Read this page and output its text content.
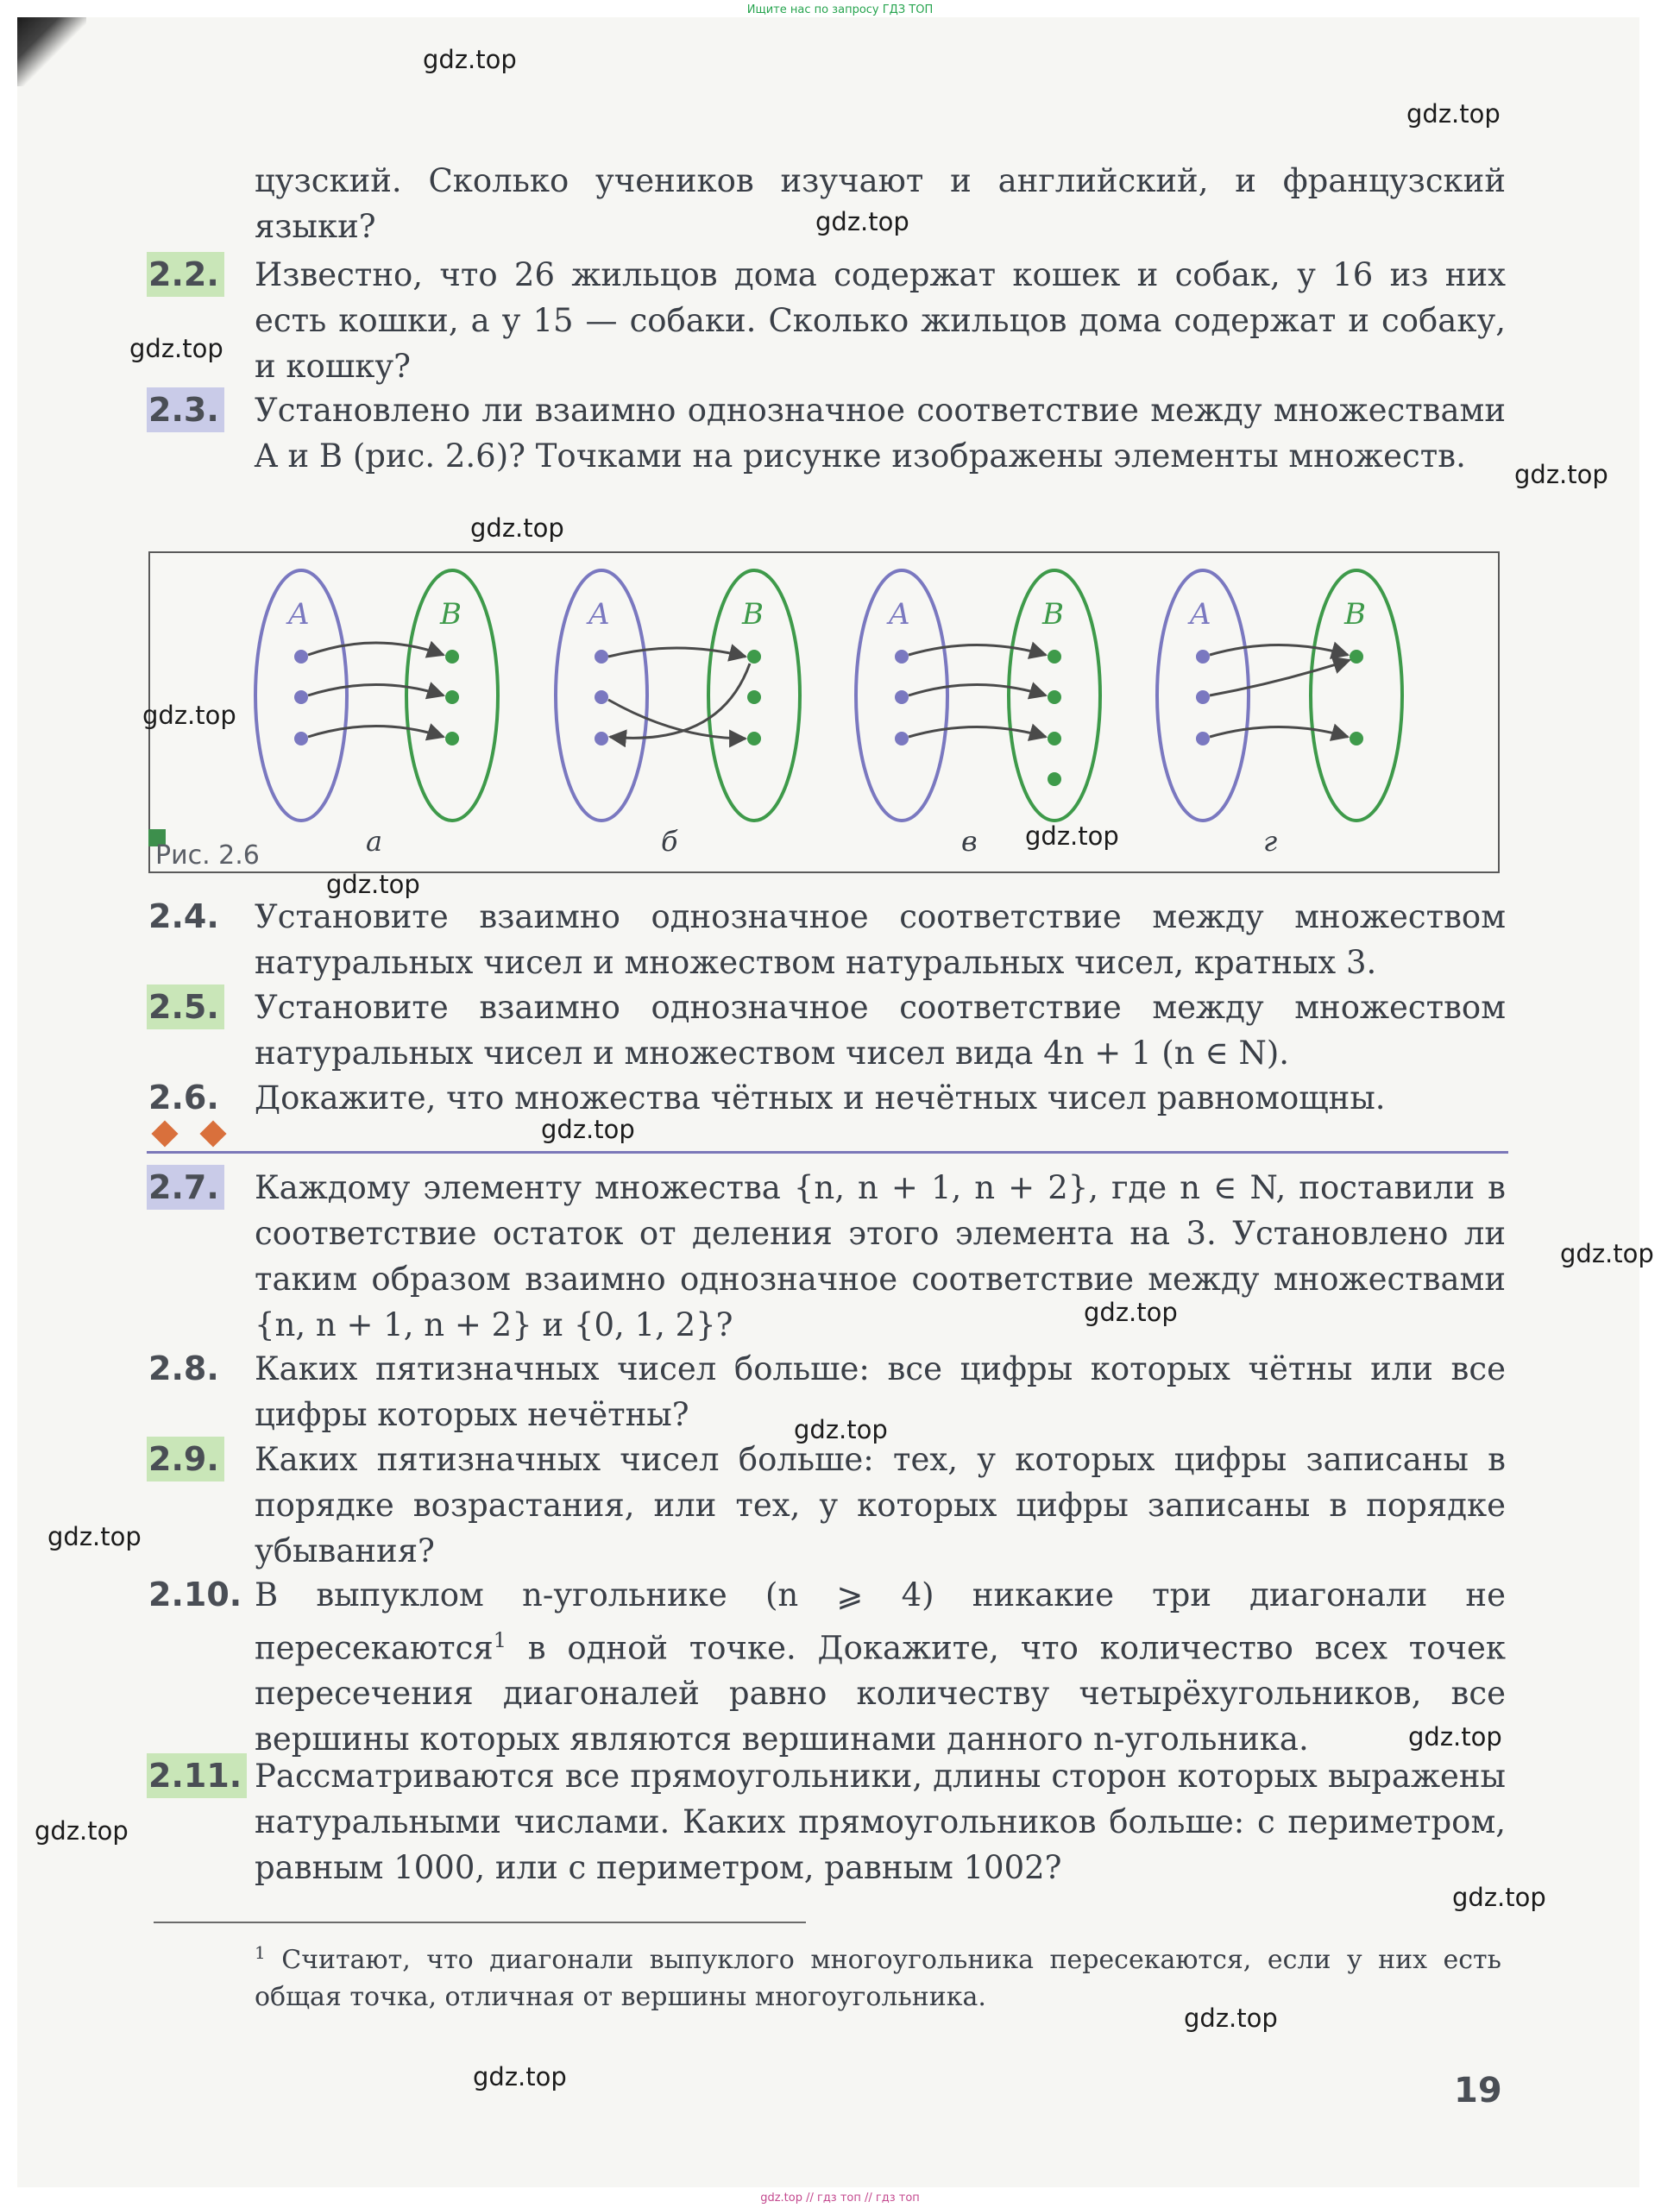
Ищите нас по запросу ГДЗ ТОП
цузский. Сколько учеников изучают и английский, и французский языки?
2.2. Известно, что 26 жильцов дома содержат кошек и собак, у 16 из них есть кошки, а у 15 — собаки. Сколько жильцов дома содержат и собаку, и кошку?
2.3. Установлено ли взаимно однозначное соответствие между множествами A и B (рис. 2.6)? Точками на рисунке изображены элементы множеств.
A	B	A	B	A	B	A	B
Рис. 2.6	а	б	в	г
2.4. Установите взаимно однозначное соответствие между множеством натуральных чисел и множеством натуральных чисел, кратных 3.
2.5. Установите взаимно однозначное соответствие между множеством натуральных чисел и множеством чисел вида 4n + 1 (n ∈ N).
2.6. Докажите, что множества чётных и нечётных чисел равномощны.
2.7. Каждому элементу множества {n, n + 1, n + 2}, где n ∈ N, поставили в соответствие остаток от деления этого элемента на 3. Установлено ли таким образом взаимно однозначное соответствие между множествами {n, n + 1, n + 2} и {0, 1, 2}?
2.8. Каких пятизначных чисел больше: все цифры которых чётны или все цифры которых нечётны?
2.9. Каких пятизначных чисел больше: тех, у которых цифры записаны в порядке возрастания, или тех, у которых цифры записаны в порядке убывания?
2.10. В выпуклом n-угольнике (n ⩾ 4) никакие три диагонали не пересекаются$^1$ в одной точке. Докажите, что количество всех точек пересечения диагоналей равно количеству четырёхугольников, все вершины которых являются вершинами данного n-угольника.
2.11. Рассматриваются все прямоугольники, длины сторон которых выражены натуральными числами. Каких прямоугольников больше: с периметром, равным 1000, или с периметром, равным 1002?
$^1$ Считают, что диагонали выпуклого многоугольника пересекаются, если у них есть общая точка, отличная от вершины многоугольника.
19
gdz.top
gdz.top
gdz.top
gdz.top
gdz.top
gdz.top
gdz.top
gdz.top
gdz.top
gdz.top
gdz.top
gdz.top
gdz.top
gdz.top
gdz.top
gdz.top
gdz.top
gdz.top
gdz.top
gdz.top // гдз топ // гдз топ
